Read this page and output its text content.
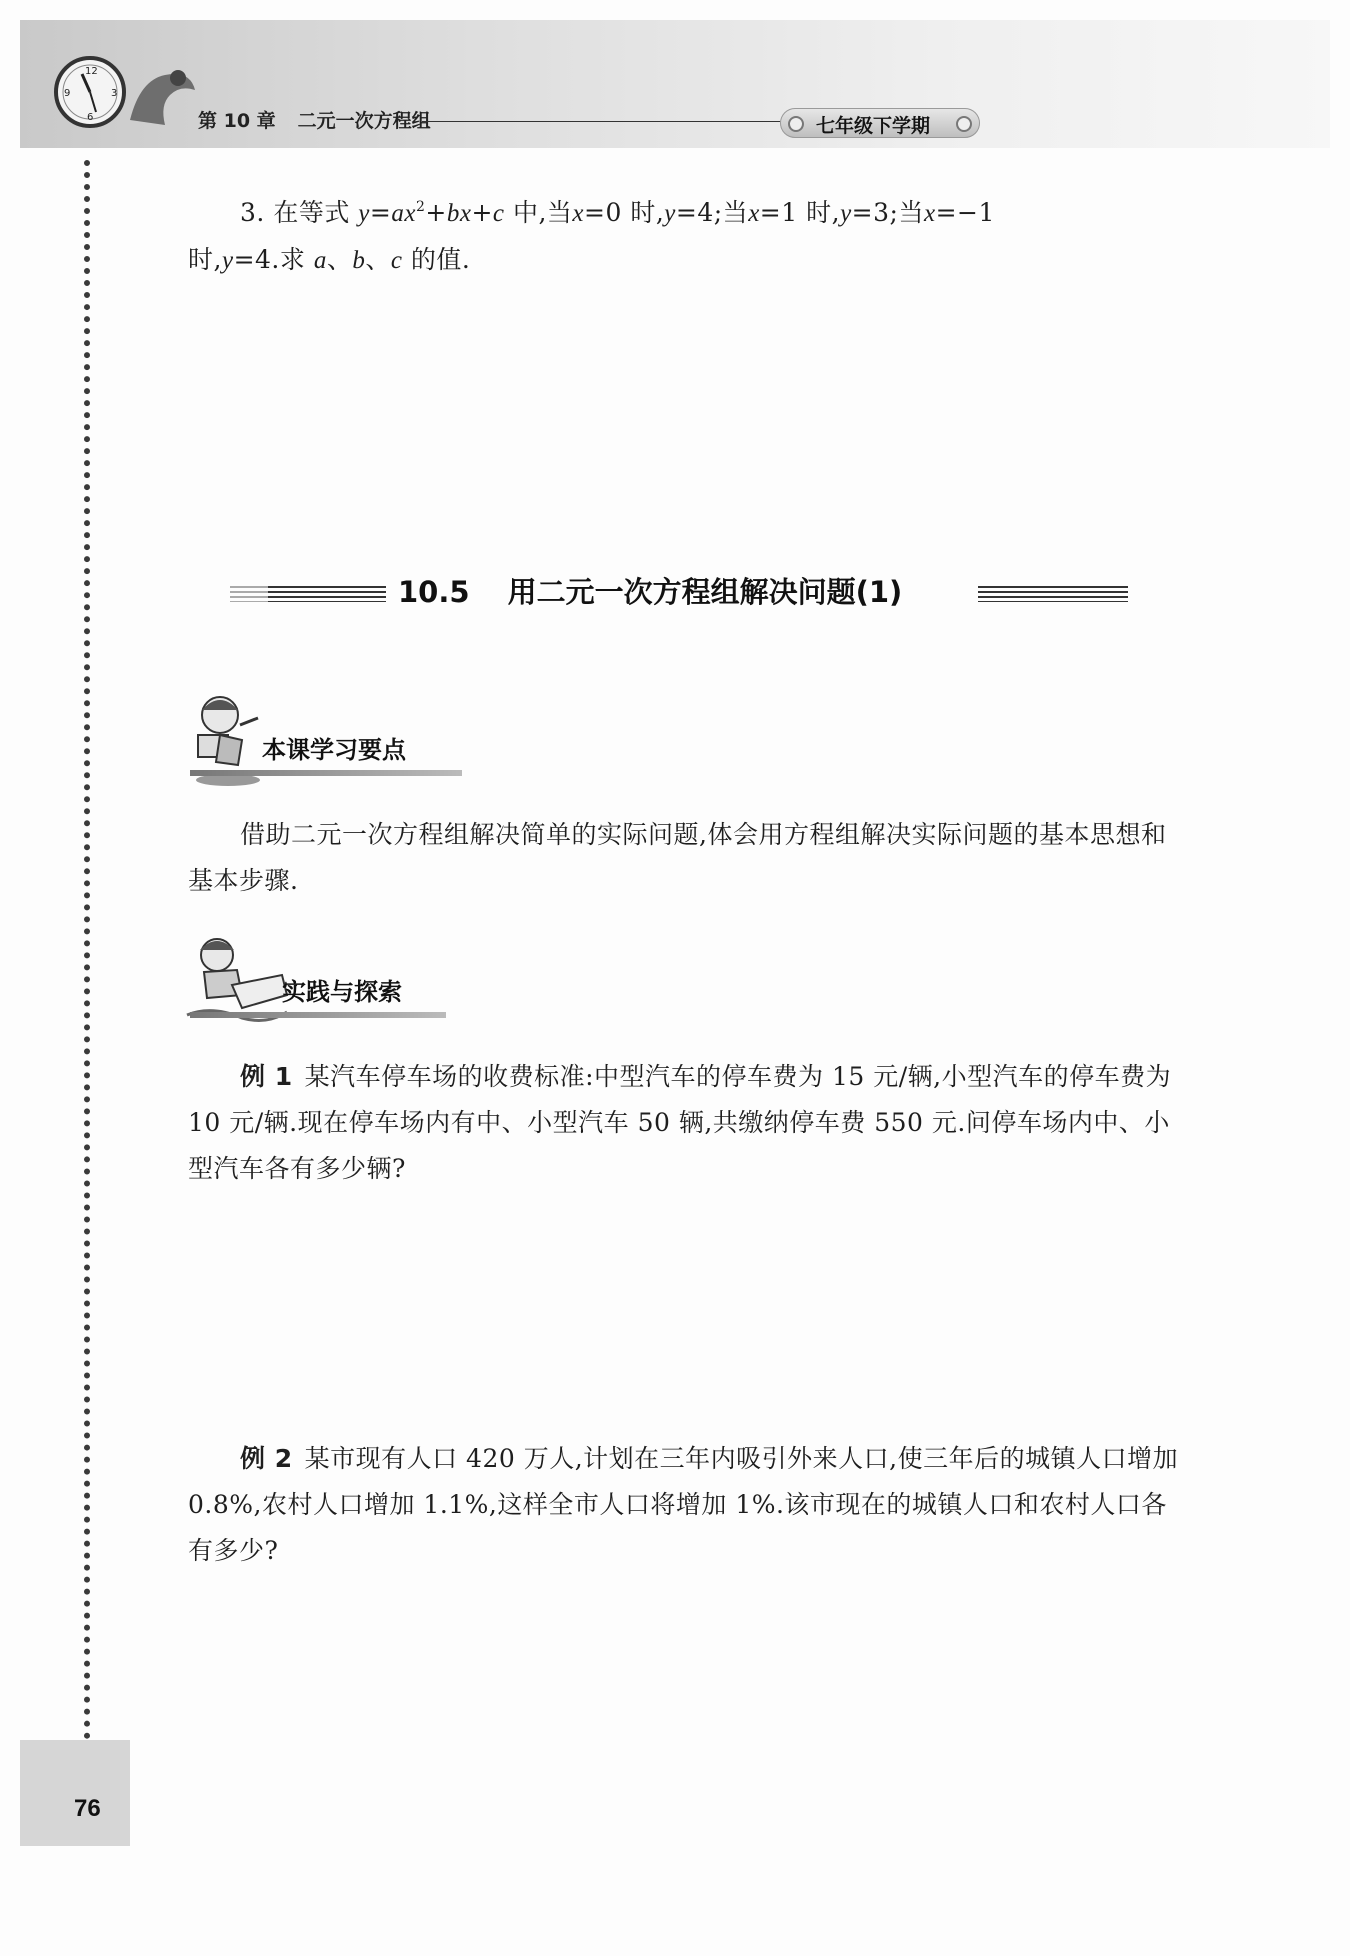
12
3
6
9
第 10 章 二元一次方程组	七年级下学期
3. 在等式 $y=ax^2+bx+c$ 中,当x=0 时,y=4;当x=1 时,y=3;当x=−1
时,y=4.求 a、b、c 的值.
10.5 用二元一次方程组解决问题(1)
本课学习要点
借助二元一次方程组解决简单的实际问题,体会用方程组解决实际问题的基本思想和基本步骤.
实践与探索
例 1 某汽车停车场的收费标准:中型汽车的停车费为 15 元/辆,小型汽车的停车费为10 元/辆.现在停车场内有中、小型汽车 50 辆,共缴纳停车费 550 元.问停车场内中、小型汽车各有多少辆?
例 2 某市现有人口 420 万人,计划在三年内吸引外来人口,使三年后的城镇人口增加 0.8%,农村人口增加 1.1%,这样全市人口将增加 1%.该市现在的城镇人口和农村人口各有多少?
76
